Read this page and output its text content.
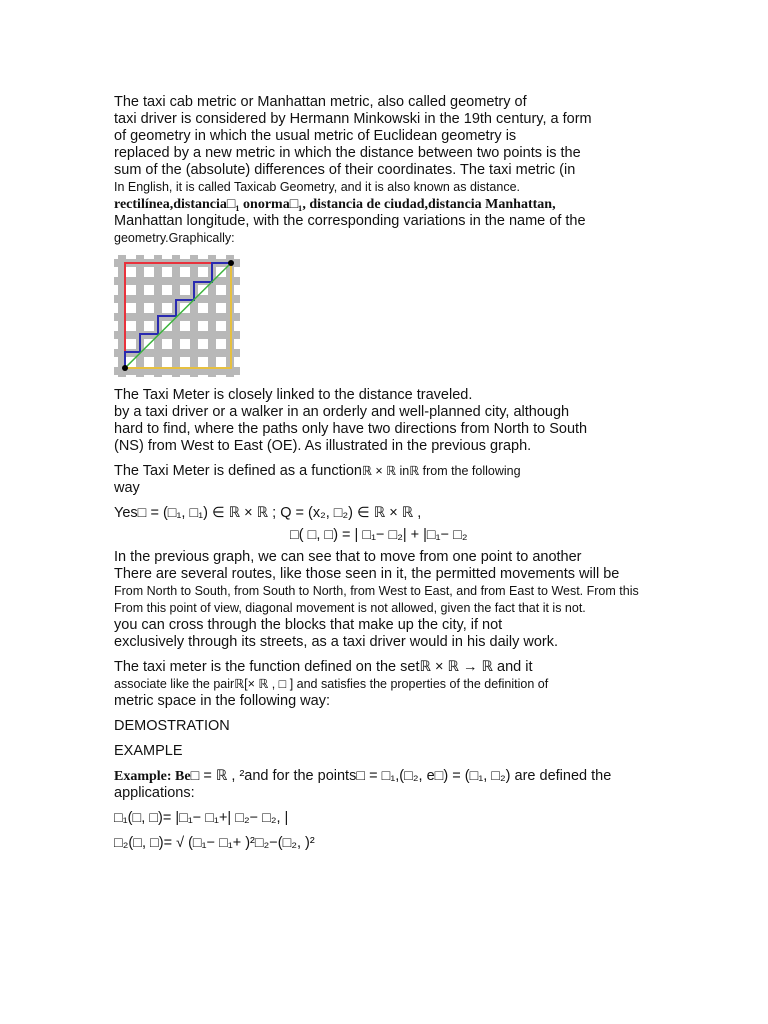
The taxi cab metric or Manhattan metric, also called geometry of
taxi driver is considered by Hermann Minkowski in the 19th century, a form
of geometry in which the usual metric of Euclidean geometry is
replaced by a new metric in which the distance between two points is the
sum of the (absolute) differences of their coordinates. The taxi metric (in
In English, it is called Taxicab Geometry, and it is also known as distance.
rectilínea,distancia□₁ onorma□₁, distancia de ciudad,distancia Manhattan,
Manhattan longitude, with the corresponding variations in the name of the
geometry.Graphically:
The Taxi Meter is closely linked to the distance traveled.
by a taxi driver or a walker in an orderly and well-planned city, although
hard to find, where the paths only have two directions from North to South
(NS) from West to East (OE). As illustrated in the previous graph.
The Taxi Meter is defined as a functionℝ × ℝ inℝ from the following
way
Yes□ = (□₁, □₁) ∈ ℝ × ℝ ; Q = (x₂, □₂) ∈ ℝ × ℝ ,
□( □, □) = | □₁− □₂| + |□₁− □₂
In the previous graph, we can see that to move from one point to another
There are several routes, like those seen in it, the permitted movements will be
From North to South, from South to North, from West to East, and from East to West. From this
From this point of view, diagonal movement is not allowed, given the fact that it is not.
you can cross through the blocks that make up the city, if not
exclusively through its streets, as a taxi driver would in his daily work.
The taxi meter is the function defined on the setℝ × ℝ → ℝ and it
associate like the pairℝ[× ℝ , □ ] and satisfies the properties of the definition of
metric space in the following way:
DEMOSTRATION
EXAMPLE
Example: Be□ = ℝ , ²and for the points□ = □₁,(□₂, e□) = (□₁, □₂) are defined the
applications:
□₁(□, □)= |□₁− □₁+| □₂− □₂, |
□₂(□, □)= √ (□₁− □₁+ )²□₂−(□₂, )²
